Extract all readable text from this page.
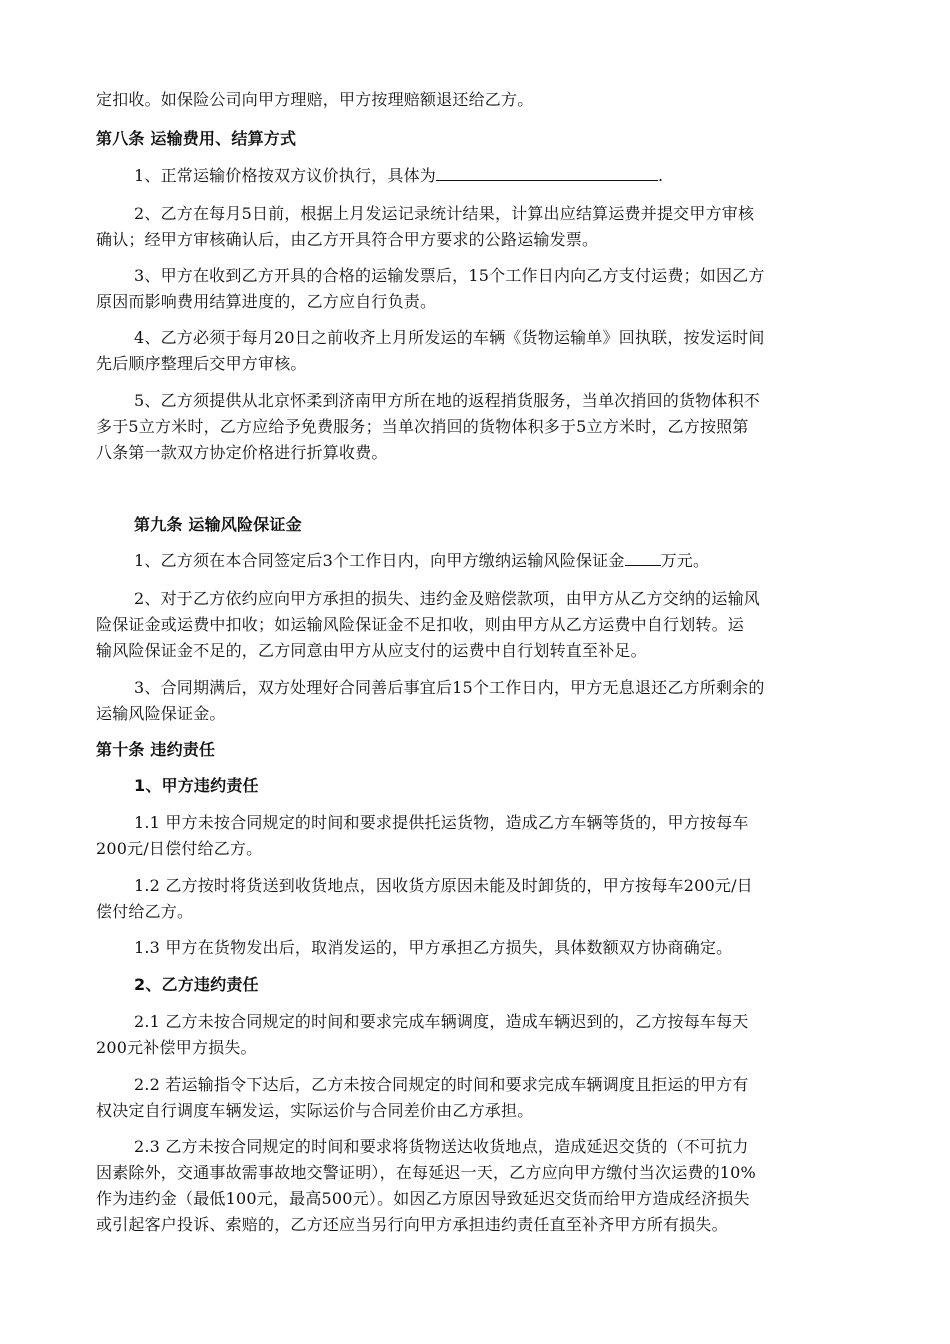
定扣收。如保险公司向甲方理赔，甲方按理赔额退还给乙方。
第八条 运输费用、结算方式
1、正常运输价格按双方议价执行，具体为	.
2、乙方在每月5日前，根据上月发运记录统计结果，计算出应结算运费并提交甲方审核
确认；经甲方审核确认后，由乙方开具符合甲方要求的公路运输发票。
3、甲方在收到乙方开具的合格的运输发票后，15个工作日内向乙方支付运费；如因乙方
原因而影响费用结算进度的，乙方应自行负责。
4、乙方必须于每月20日之前收齐上月所发运的车辆《货物运输单》回执联，按发运时间
先后顺序整理后交甲方审核。
5、乙方须提供从北京怀柔到济南甲方所在地的返程捎货服务，当单次捎回的货物体积不
多于5立方米时，乙方应给予免费服务；当单次捎回的货物体积多于5立方米时，乙方按照第
八条第一款双方协定价格进行折算收费。
第九条 运输风险保证金
1、乙方须在本合同签定后3个工作日内，向甲方缴纳运输风险保证金 万元。
2、对于乙方依约应向甲方承担的损失、违约金及赔偿款项，由甲方从乙方交纳的运输风
险保证金或运费中扣收；如运输风险保证金不足扣收，则由甲方从乙方运费中自行划转。运
输风险保证金不足的，乙方同意由甲方从应支付的运费中自行划转直至补足。
3、合同期满后，双方处理好合同善后事宜后15个工作日内，甲方无息退还乙方所剩余的
运输风险保证金。
第十条 违约责任
1、甲方违约责任
1.1 甲方未按合同规定的时间和要求提供托运货物，造成乙方车辆等货的，甲方按每车
200元/日偿付给乙方。
1.2 乙方按时将货送到收货地点，因收货方原因未能及时卸货的，甲方按每车200元/日
偿付给乙方。
1.3 甲方在货物发出后，取消发运的，甲方承担乙方损失，具体数额双方协商确定。
2、乙方违约责任
2.1 乙方未按合同规定的时间和要求完成车辆调度，造成车辆迟到的，乙方按每车每天
200元补偿甲方损失。
2.2 若运输指令下达后，乙方未按合同规定的时间和要求完成车辆调度且拒运的甲方有
权决定自行调度车辆发运，实际运价与合同差价由乙方承担。
2.3 乙方未按合同规定的时间和要求将货物送达收货地点，造成延迟交货的（不可抗力
因素除外，交通事故需事故地交警证明），在每延迟一天，乙方应向甲方缴付当次运费的10%
作为违约金（最低100元，最高500元）。如因乙方原因导致延迟交货而给甲方造成经济损失
或引起客户投诉、索赔的，乙方还应当另行向甲方承担违约责任直至补齐甲方所有损失。
